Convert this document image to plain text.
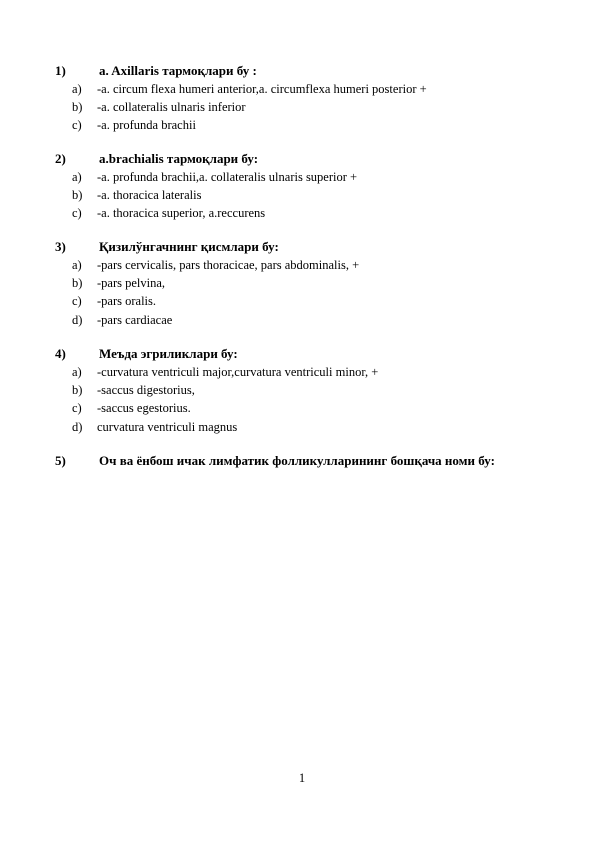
1)	a. Axillaris тармоқлари бу :
a) -a. circum flexa humeri anterior,a. circumflexa humeri posterior +
b) -a. collateralis ulnaris inferior
c) -a. profunda brachii
2)	a.brachialis тармоқлари бу:
a) -a. profunda brachii,a. collateralis ulnaris superior +
b) -a. thoracica lateralis
c) -a. thoracica superior, a.reccurens
3)	Қизилўнгачнинг қисмлари бу:
a) -pars cervicalis, pars thoracicae, pars abdominalis, +
b) -pars pelvina,
c) -pars oralis.
d) -pars cardiacae
4)	Меъда эгриликлари бу:
a) -curvatura ventriculi major,curvatura ventriculi minor, +
b) -saccus digestorius,
c) -saccus egestorius.
d) curvatura ventriculi magnus
5)	Оч ва ёнбош ичак лимфатик фолликулларининг бошқача номи бу:
1
